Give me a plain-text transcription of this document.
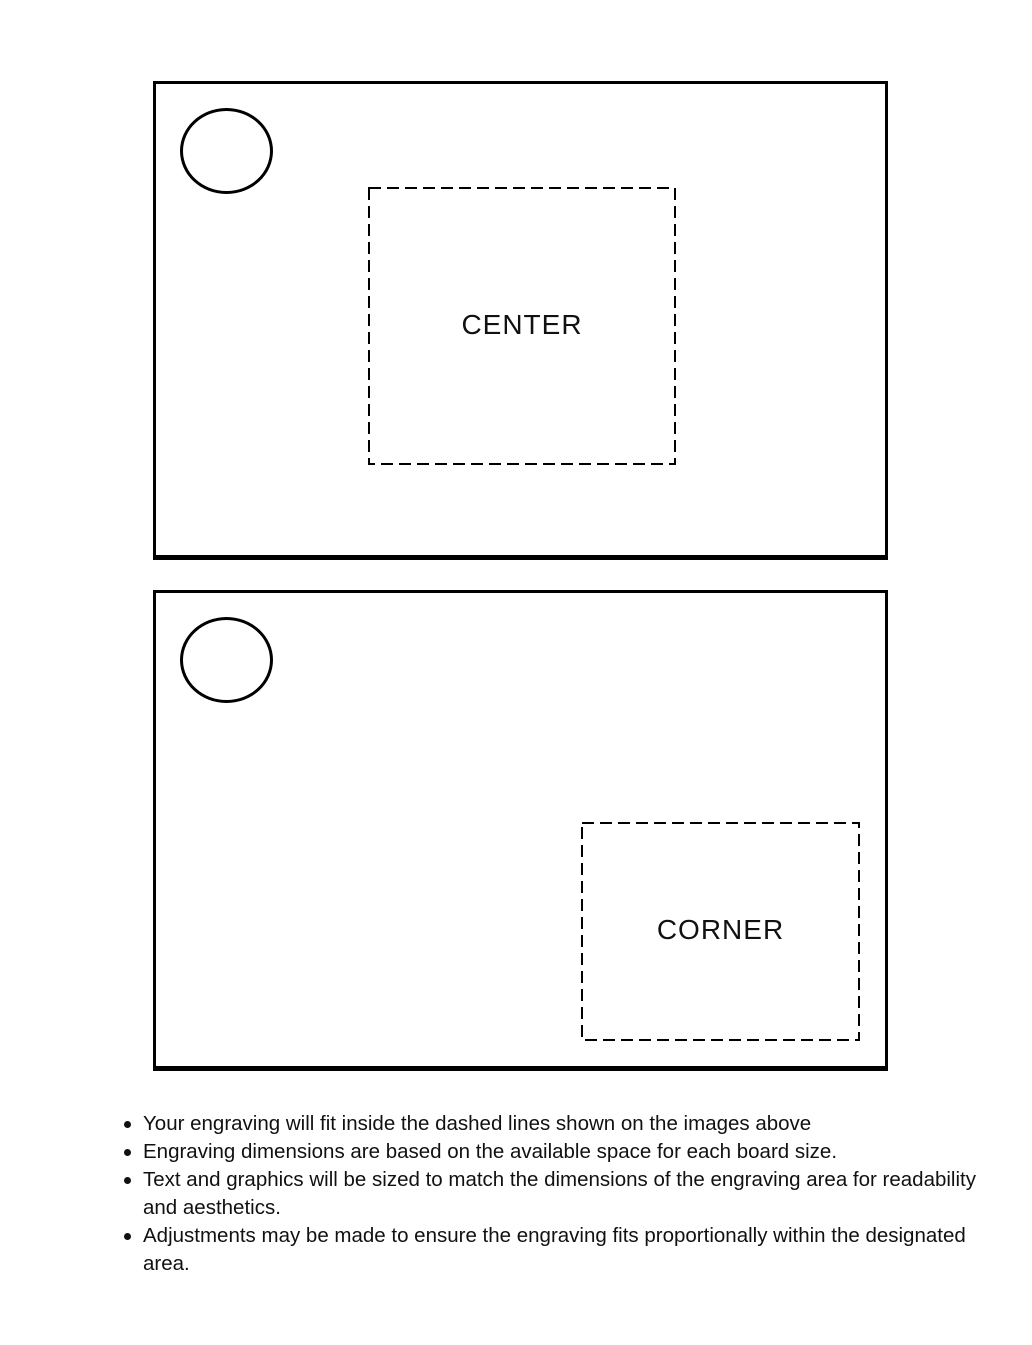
CENTER
CORNER
Your engraving will fit inside the dashed lines shown on the images above
Engraving dimensions are based on the available space for each board size.
Text and graphics will be sized to match the dimensions of the engraving area for readability and aesthetics.
Adjustments may be made to ensure the engraving fits proportionally within the designated area.
